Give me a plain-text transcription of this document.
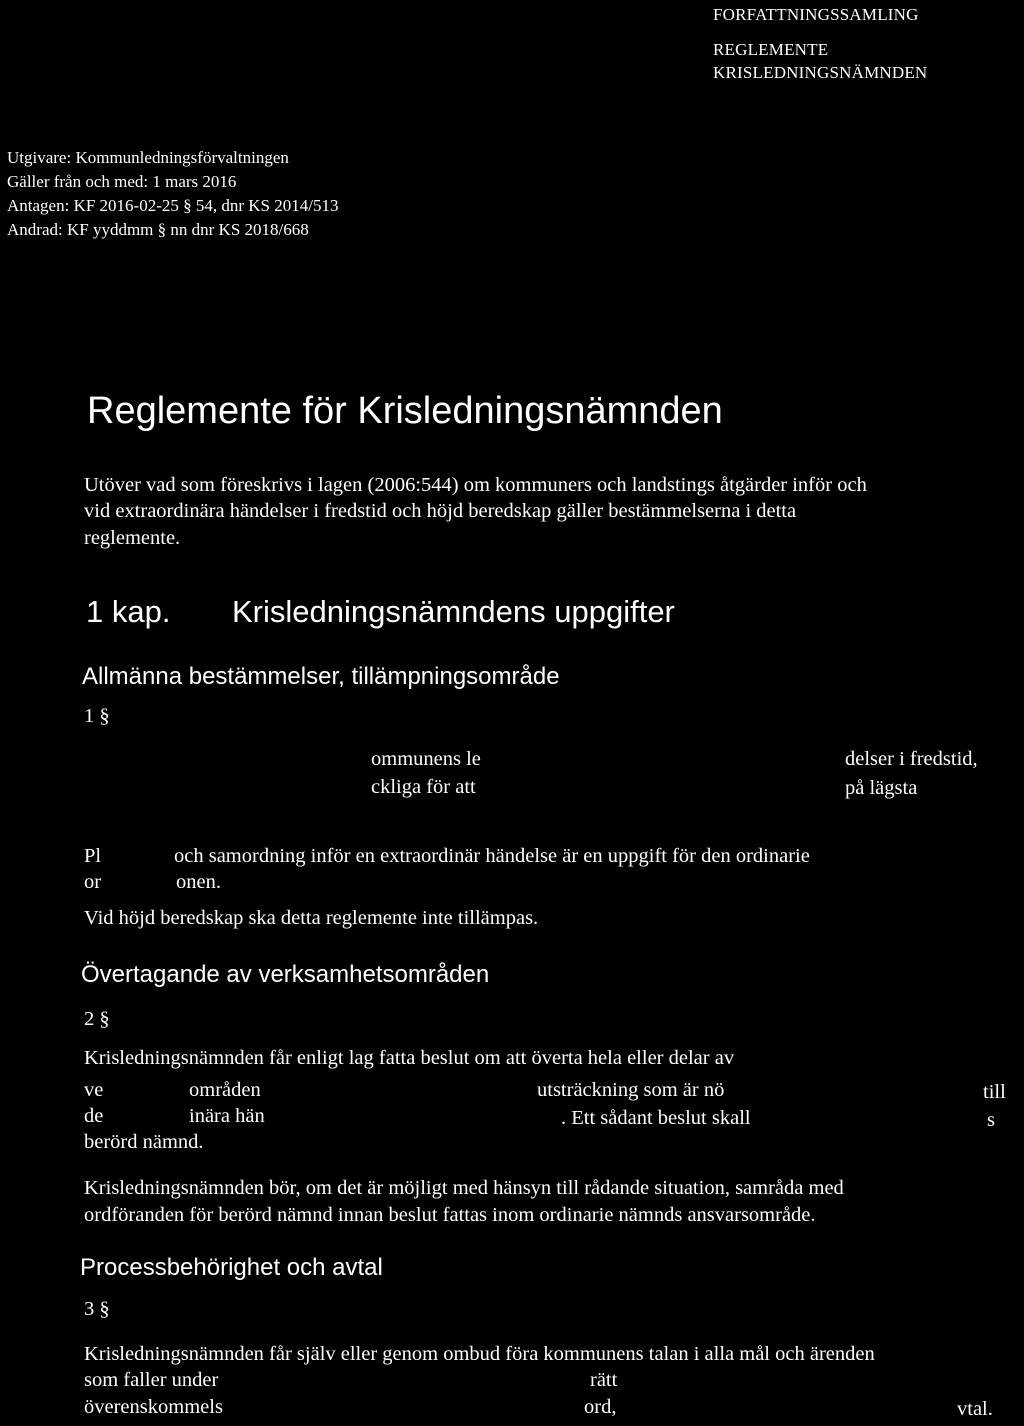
FORFATTNINGSSAMLING
REGLEMENTE
KRISLEDNINGSNÄMNDEN
Utgivare: Kommunledningsförvaltningen
Gäller från och med: 1 mars 2016
Antagen: KF 2016-02-25 § 54, dnr KS 2014/513
Andrad: KF yyddmm § nn dnr KS 2018/668
Reglemente för Krisledningsnämnden
Utöver vad som föreskrivs i lagen (2006:544) om kommuners och landstings åtgärder inför och
vid extraordinära händelser i fredstid och höjd beredskap gäller bestämmelserna i detta
reglemente.
1 kap. Krisledningsnämndens uppgifter
Allmänna bestämmelser, tillämpningsområde
1 §
ommunens le	delser i fredstid,
ckliga för att	på lägsta
Pl	och samordning inför en extraordinär händelse är en uppgift för den ordinarie
or	onen.
Vid höjd beredskap ska detta reglemente inte tillämpas.
Övertagande av verksamhetsområden
2 §
Krisledningsnämnden får enligt lag fatta beslut om att överta hela eller delar av
ve	områden	utsträckning som är nö	till
de	inära hän	. Ett sådant beslut skall	s
berörd nämnd.
Krisledningsnämnden bör, om det är möjligt med hänsyn till rådande situation, samråda med
ordföranden för berörd nämnd innan beslut fattas inom ordinarie nämnds ansvarsområde.
Processbehörighet och avtal
3 §
Krisledningsnämnden får själv eller genom ombud föra kommunens talan i alla mål och ärenden
som faller under	rätt
överenskommels	ord,	vtal.
